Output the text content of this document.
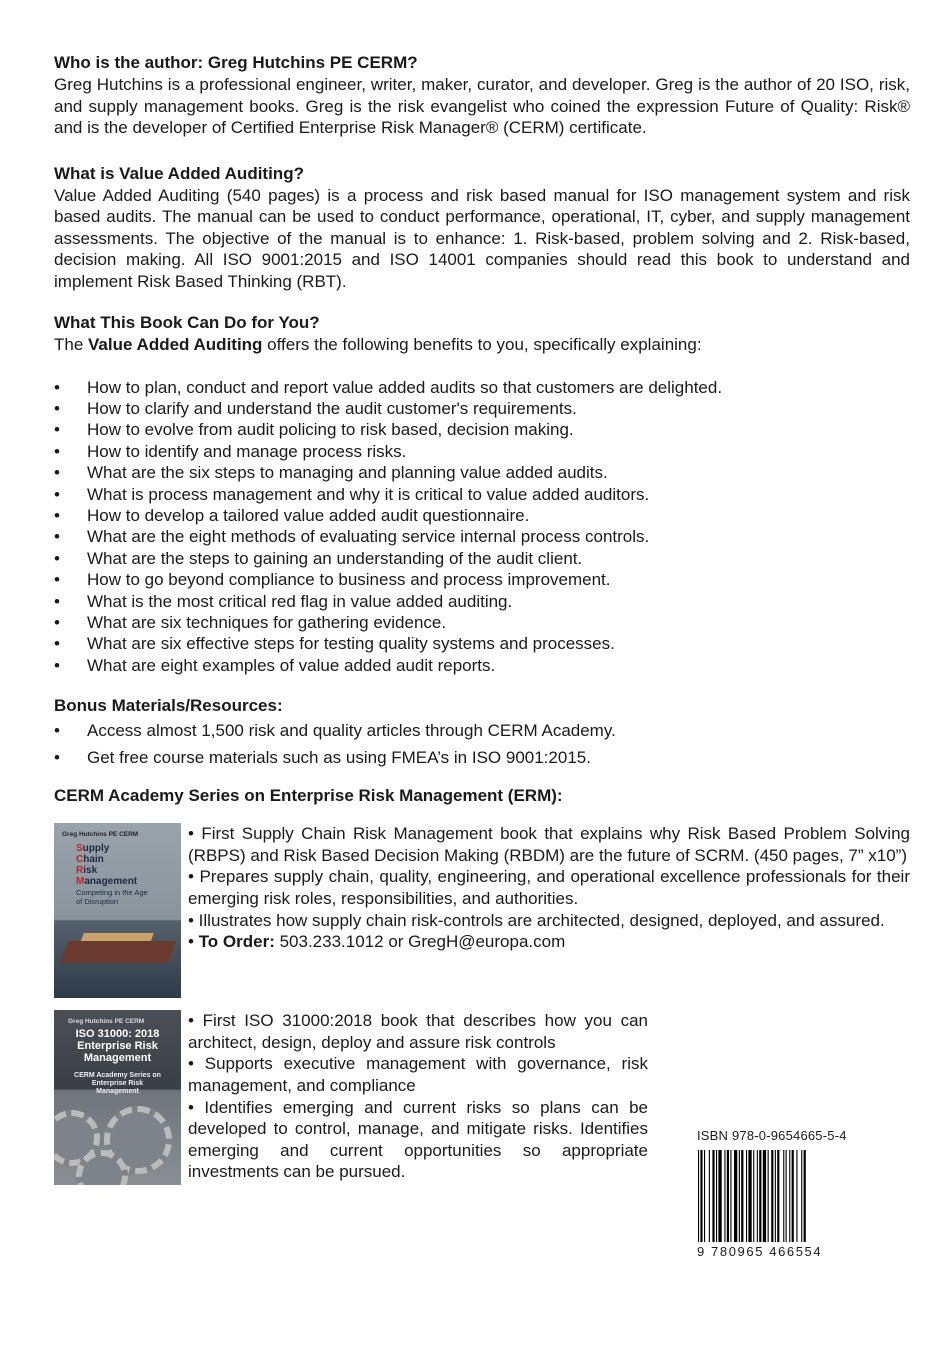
Who is the author: Greg Hutchins PE CERM?

Greg Hutchins is a professional engineer, writer, maker, curator, and developer. Greg is the author of 20 ISO, risk, and supply management books. Greg is the risk evangelist who coined the expression Future of Quality: Risk® and is the developer of Certified Enterprise Risk Manager® (CERM) certificate.

What is Value Added Auditing?

Value Added Auditing (540 pages) is a process and risk based manual for ISO management system and risk based audits. The manual can be used to conduct performance, operational, IT, cyber, and supply management assessments. The objective of the manual is to enhance: 1. Risk-based, problem solving and 2. Risk-based, decision making. All ISO 9001:2015 and ISO 14001 companies should read this book to understand and implement Risk Based Thinking (RBT).

What This Book Can Do for You?

The Value Added Auditing offers the following benefits to you, specifically explaining:

• How to plan, conduct and report value added audits so that customers are delighted.
• How to clarify and understand the audit customer's requirements.
• How to evolve from audit policing to risk based, decision making.
• How to identify and manage process risks.
• What are the six steps to managing and planning value added audits.
• What is process management and why it is critical to value added auditors.
• How to develop a tailored value added audit questionnaire.
• What are the eight methods of evaluating service internal process controls.
• What are the steps to gaining an understanding of the audit client.
• How to go beyond compliance to business and process improvement.
• What is the most critical red flag in value added auditing.
• What are six techniques for gathering evidence.
• What are six effective steps for testing quality systems and processes.
• What are eight examples of value added audit reports.
Bonus Materials/Resources:
• Access almost 1,500 risk and quality articles through CERM Academy.
• Get free course materials such as using FMEA’s in ISO 9001:2015.
CERM Academy Series on Enterprise Risk Management (ERM):
Greg Hutchins PE CERM
Supply
Chain
Risk
Management
Competing in the Age of Disruption

• First Supply Chain Risk Management book that explains why Risk Based Problem Solving (RBPS) and Risk Based Decision Making (RBDM) are the future of SCRM. (450 pages, 7” x10”)

• Prepares supply chain, quality, engineering, and operational excellence professionals for their emerging risk roles, responsibilities, and authorities.

• Illustrates how supply chain risk-controls are architected, designed, deployed, and assured.

• To Order: 503.233.1012 or GregH@europa.com

Greg Hutchins PE CERM
ISO 31000: 2018 Enterprise Risk Management
CERM Academy Series on Enterprise Risk Management

• First ISO 31000:2018 book that describes how you can architect, design, deploy and assure risk controls

• Supports executive management with governance, risk management, and compliance

• Identifies emerging and current risks so plans can be developed to control, manage, and mitigate risks. Identifies emerging and current opportunities so appropriate investments can be pursued.

ISBN 978-0-9654665-5-4
9 780965 466554
